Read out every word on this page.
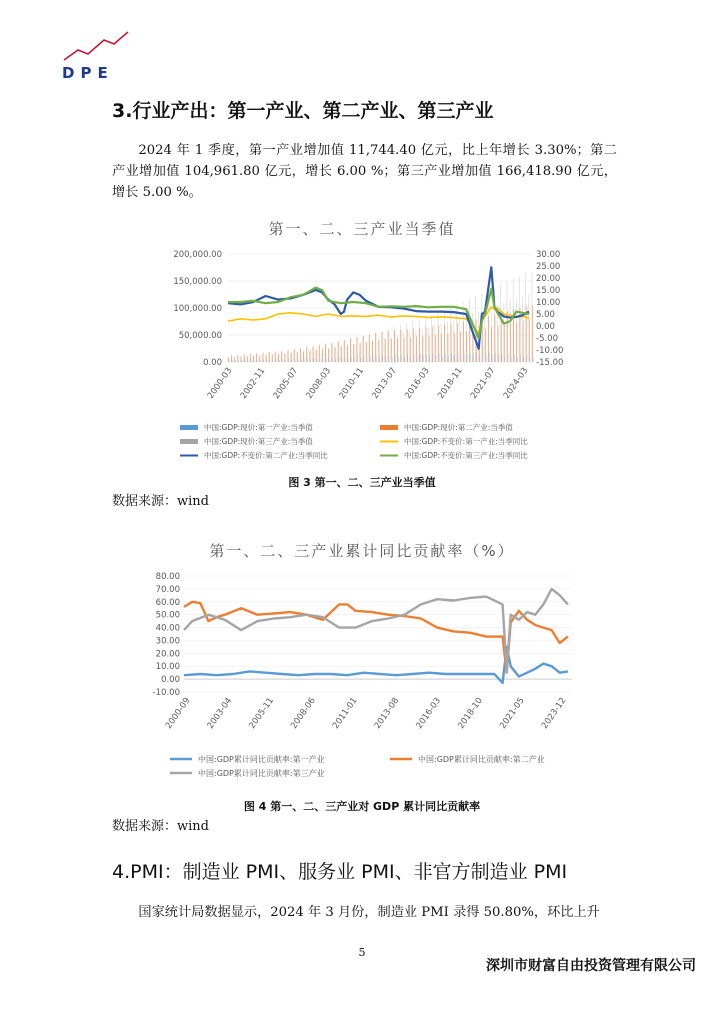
DPE
3.行业产出：第一产业、第二产业、第三产业
2024 年 1 季度，第一产业增加值 11,744.40 亿元，比上年增长 3.30%；第二产业增加值 104,961.80 亿元，增长 6.00 %；第三产业增加值 166,418.90 亿元，增长 5.00 %。
第一、二、三产业当季值
200,000.00
150,000.00
100,000.00
50,000.00
0.00
30.00
25.00
20.00
15.00
10.00
5.00
0.00
-5.00
-10.00
-15.00
2000-03 2002-11 2005-07 2008-03 2010-11 2013-07 2016-03 2018-11 2021-07 2024-03
中国:GDP:现价:第一产业:当季值	中国:GDP:现价:第二产业:当季值
中国:GDP:现价:第三产业:当季值	中国:GDP:不变价:第一产业:当季同比
中国:GDP:不变价:第二产业:当季同比	中国:GDP:不变价:第三产业:当季同比
图 3 第一、二、三产业当季值
数据来源：wind
第一、二、三产业累计同比贡献率（%）
80.00
70.00
60.00
50.00
40.00
30.00
20.00
10.00
0.00
-10.00
2000-09 2003-04 2005-11 2008-06 2011-01 2013-08 2016-03 2018-10 2021-05 2023-12
中国:GDP累计同比贡献率:第一产业	中国:GDP累计同比贡献率:第二产业
中国:GDP累计同比贡献率:第三产业
图 4 第一、二、三产业对 GDP 累计同比贡献率
数据来源：wind
4.PMI：制造业 PMI、服务业 PMI、非官方制造业 PMI
国家统计局数据显示，2024 年 3 月份，制造业 PMI 录得 50.80%，环比上升
5
深圳市财富自由投资管理有限公司
